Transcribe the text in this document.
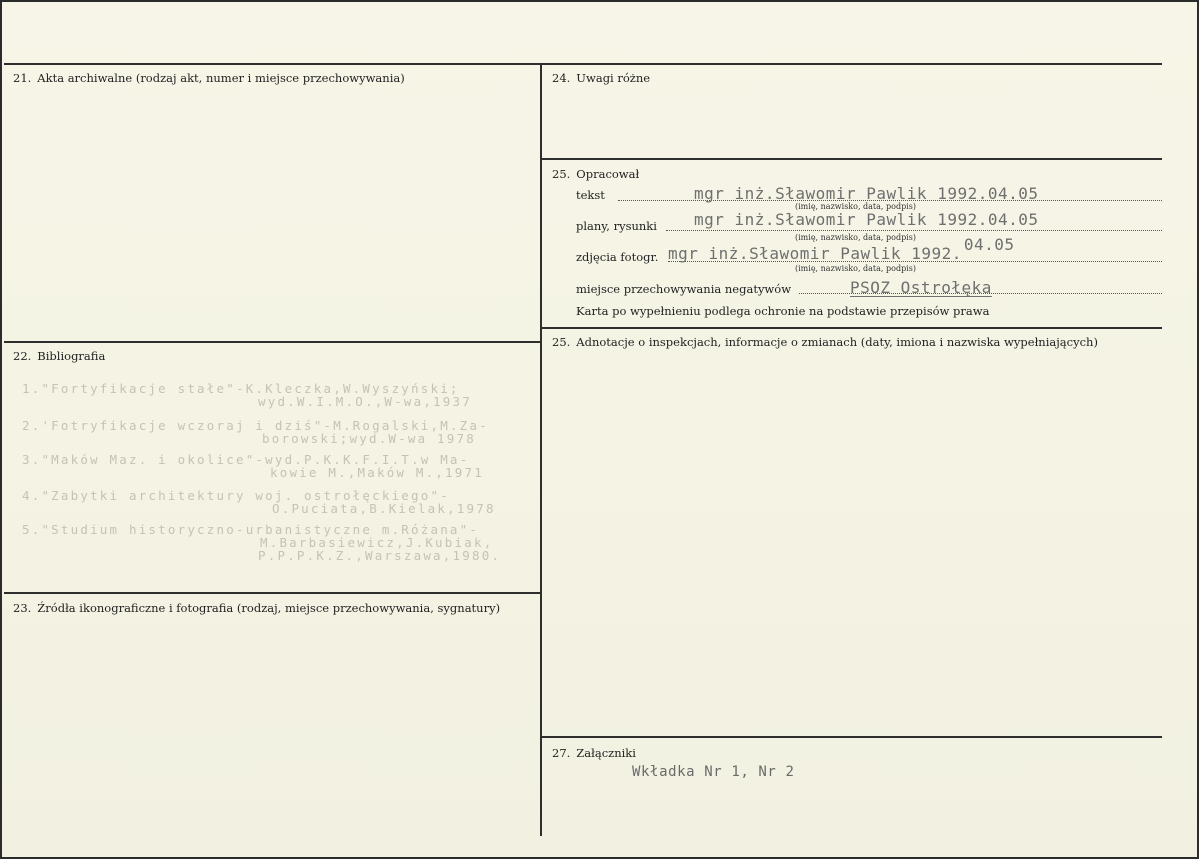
21. Akta archiwalne (rodzaj akt, numer i miejsce przechowywania)
22. Bibliografia
1."Fortyfikacje stałe"-K.Kleczka,W.Wyszyński;
wyd.W.I.M.O.,W-wa,1937
2.'Fotryfikacje wczoraj i dziś"-M.Rogalski,M.Za-
borowski;wyd.W-wa 1978
3."Maków Maz. i okolice"-wyd.P.K.K.F.I.T.w Ma-
kowie M.,Maków M.,1971
4."Zabytki architektury woj. ostrołęckiego"-
O.Puciata,B.Kielak,1978
5."Studium historyczno-urbanistyczne m.Różana"-
M.Barbasiewicz,J.Kubiak,
P.P.P.K.Z.,Warszawa,1980.
23. Źródła ikonograficzne i fotografia (rodzaj, miejsce przechowywania, sygnatury)
24. Uwagi różne
25. Opracował
tekst	mgr inż.Sławomir Pawlik 1992.04.05
(imię, nazwisko, data, podpis)
plany, rysunki mgr inż.Sławomir Pawlik 1992.04.05
(imię, nazwisko, data, podpis)
zdjęcia fotogr. mgr inż.Sławomir Pawlik 1992. 04.05
(imię, nazwisko, data, podpis)
miejsce przechowywania negatywów	PSOZ Ostrołęka
Karta po wypełnieniu podlega ochronie na podstawie przepisów prawa
25. Adnotacje o inspekcjach, informacje o zmianach (daty, imiona i nazwiska wypełniających)
27. Załączniki
Wkładka Nr 1, Nr 2
